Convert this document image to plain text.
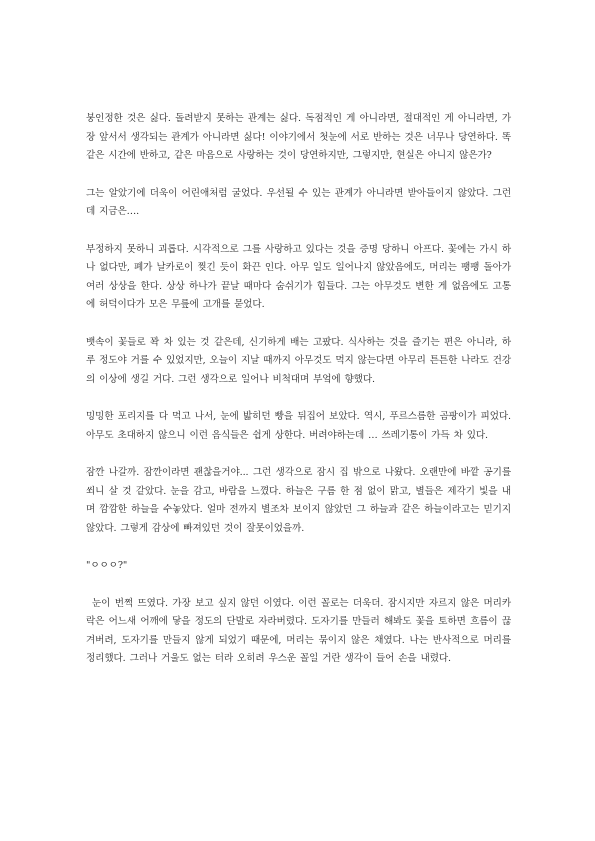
붕인정한 것은 싫다. 돌려받지 못하는 관계는 싫다. 독점적인 게 아니라면, 절대적인 게 아니라면, 가장 앞서서 생각되는 관계가 아니라면 싫다! 이야기에서 첫눈에 서로 반하는 것은 너무나 당연하다. 똑같은 시간에 반하고, 같은 마음으로 사랑하는 것이 당연하지만, 그렇지만, 현실은 아니지 않은가?

그는 알았기에 더욱이 어린애처럼 굴었다. 우선될 수 있는 관계가 아니라면 받아들이지 않았다. 그런데 지금은….

부정하지 못하니 괴롭다. 시각적으로 그를 사랑하고 있다는 것을 증명 당하니 아프다. 꽃에는 가시 하나 없다만, 폐가 날카로이 찢긴 듯이 화끈 인다. 아무 일도 일어나지 않았음에도, 머리는 팽팽 돌아가 여러 상상을 한다. 상상 하나가 끝날 때마다 숨쉬기가 힘들다. 그는 아무것도 변한 게 없음에도 고통에 허덕이다가 모은 무릎에 고개를 묻었다.

뱃속이 꽃들로 꽉 차 있는 것 같은데, 신기하게 배는 고팠다. 식사하는 것을 즐기는 편은 아니라, 하루 정도야 거를 수 있었지만, 오늘이 지날 때까지 아무것도 먹지 않는다면 아무리 튼튼한 나라도 건강의 이상에 생길 거다. 그런 생각으로 일어나 비척대며 부엌에 향했다.

밍밍한 포리지를 다 먹고 나서, 눈에 밟히던 빵을 뒤집어 보았다. 역시, 푸르스름한 곰팡이가 피었다. 아무도 초대하지 않으니 이런 음식들은 쉽게 상한다. 버려야하는데 … 쓰레기통이 가득 차 있다.

잠깐 나갈까. 잠깐이라면 괜찮을거야... 그런 생각으로 잠시 집 밖으로 나왔다. 오랜만에 바깥 공기를 쐬니 살 것 같았다. 눈을 감고, 바람을 느꼈다. 하늘은 구름 한 점 없이 맑고, 별들은 제각기 빛을 내며 깜깜한 하늘을 수놓았다. 얼마 전까지 별조차 보이지 않았던 그 하늘과 같은 하늘이라고는 믿기지 않았다. 그렇게 감상에 빠져있던 것이 잘못이었을까.

"ㅇㅇㅇ?"

눈이 번쩍 뜨였다. 가장 보고 싶지 않던 이였다. 이런 꼴로는 더욱더. 잠시지만 자르지 않은 머리카락은 어느새 어깨에 닿을 정도의 단발로 자라버렸다. 도자기를 만들러 해봐도 꽃을 토하면 흐름이 끊겨버려, 도자기를 만들지 않게 되었기 때문에, 머리는 묶이지 않은 채였다. 나는 반사적으로 머리를 정리했다. 그러나 거울도 없는 터라 오히려 우스운 꼴일 거란 생각이 들어 손을 내렸다.
